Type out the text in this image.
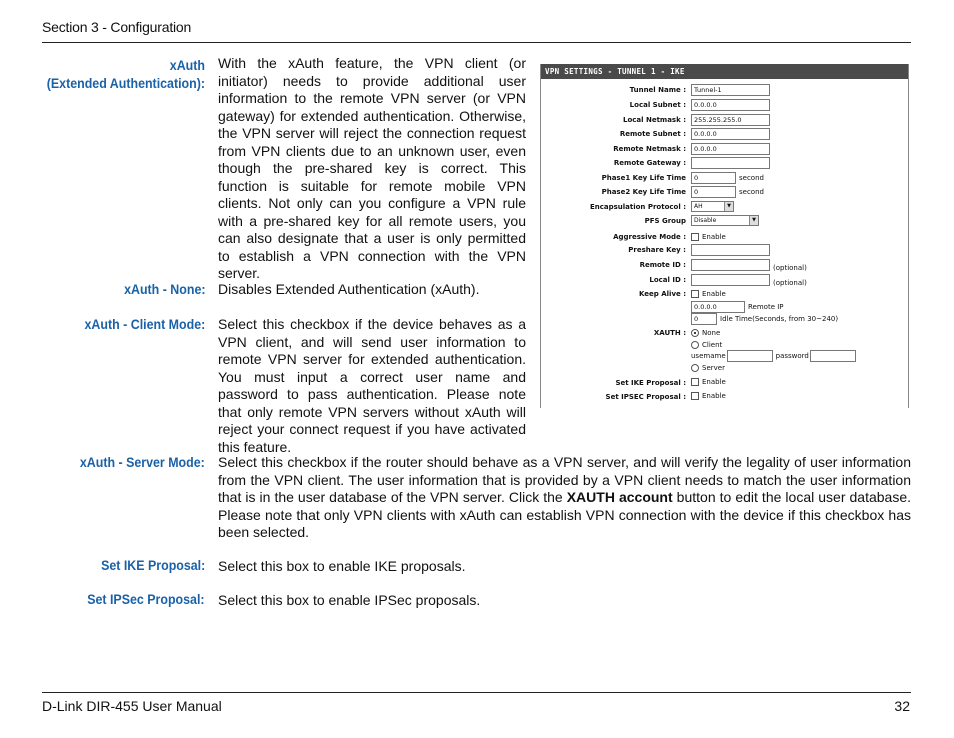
Section 3 - Configuration
xAuth
(Extended Authentication):
With the xAuth feature, the VPN client (or initiator) needs to provide additional user information to the remote VPN server (or VPN gateway) for extended authentication. Otherwise, the VPN server will reject the connection request from VPN clients due to an unknown user, even though the pre-shared key is correct. This function is suitable for remote mobile VPN clients. Not only can you configure a VPN rule with a pre-shared key for all remote users, you can also designate that a user is only permitted to establish a VPN connection with the VPN server.
xAuth - None: Disables Extended Authentication (xAuth).
xAuth - Client Mode: Select this checkbox if the device behaves as a VPN client, and will send user information to remote VPN server for extended authentication. You must input a correct user name and password to pass authentication. Please note that only remote VPN servers without xAuth will reject your connect request if you have activated this feature.
xAuth - Server Mode: Select this checkbox if the router should behave as a VPN server, and will verify the legality of user information from the VPN client. The user information that is provided by a VPN client needs to match the user information that is in the user database of the VPN server. Click the XAUTH account button to edit the local user database. Please note that only VPN clients with xAuth can establish VPN connection with the device if this checkbox has been selected.
Set IKE Proposal: Select this box to enable IKE proposals.
Set IPSec Proposal: Select this box to enable IPSec proposals.
VPN SETTINGS - TUNNEL 1 - IKE
Tunnel Name :	Tunnel-1
Local Subnet :	0.0.0.0
Local Netmask :	255.255.255.0
Remote Subnet :	0.0.0.0
Remote Netmask :	0.0.0.0
Remote Gateway :
Phase1 Key Life Time	0	second
Phase2 Key Life Time	0	second
Encapsulation Protocol :	AH	▼
PFS Group	Disable	▼
Aggressive Mode :	Enable
Preshare Key :
Remote ID :	(optional)
Local ID :	(optional)
Keep Alive :	Enable
0.0.0.0	Remote IP
0	Idle Time(Seconds, from 30~240)
XAUTH :	None
Client
usemame	password
Server
Set IKE Proposal :	Enable
Set IPSEC Proposal :	Enable
D-Link DIR-455 User Manual	32
